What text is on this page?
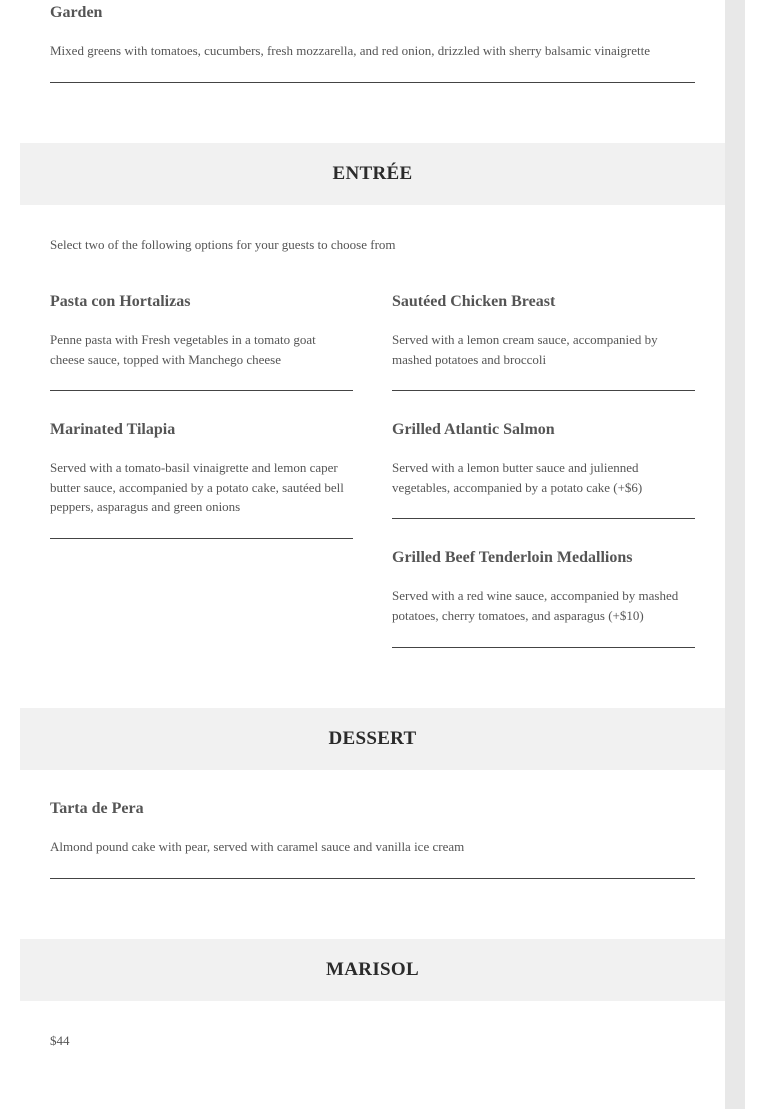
Garden

Mixed greens with tomatoes, cucumbers, fresh mozzarella, and red onion, drizzled with sherry balsamic vinaigrette

ENTRÉE

Select two of the following options for your guests to choose from

Pasta con Hortalizas

Penne pasta with Fresh vegetables in a tomato goat cheese sauce, topped with Manchego cheese

Marinated Tilapia

Served with a tomato-basil vinaigrette and lemon caper butter sauce, accompanied by a potato cake, sautéed bell peppers, asparagus and green onions

Sautéed Chicken Breast

Served with a lemon cream sauce, accompanied by mashed potatoes and broccoli

Grilled Atlantic Salmon

Served with a lemon butter sauce and julienned vegetables, accompanied by a potato cake (+$6)

Grilled Beef Tenderloin Medallions

Served with a red wine sauce, accompanied by mashed potatoes, cherry tomatoes, and asparagus (+$10)

DESSERT
Tarta de Pera

Almond pound cake with pear, served with caramel sauce and vanilla ice cream

MARISOL

$44
